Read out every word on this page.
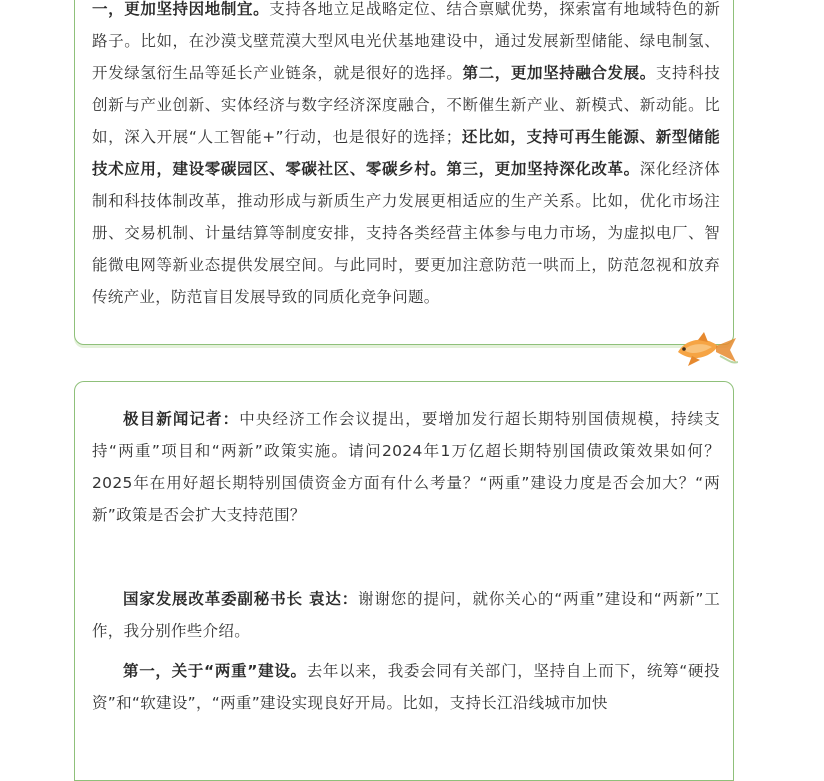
一，更加坚持因地制宜。支持各地立足战略定位、结合禀赋优势，探索富有地域特色的新路子。比如，在沙漠戈壁荒漠大型风电光伏基地建设中，通过发展新型储能、绿电制氢、开发绿氢衍生品等延长产业链条，就是很好的选择。第二，更加坚持融合发展。支持科技创新与产业创新、实体经济与数字经济深度融合，不断催生新产业、新模式、新动能。比如，深入开展“人工智能+”行动，也是很好的选择；还比如，支持可再生能源、新型储能技术应用，建设零碳园区、零碳社区、零碳乡村。第三，更加坚持深化改革。深化经济体制和科技体制改革，推动形成与新质生产力发展更相适应的生产关系。比如，优化市场注册、交易机制、计量结算等制度安排，支持各类经营主体参与电力市场，为虚拟电厂、智能微电网等新业态提供发展空间。与此同时，要更加注意防范一哄而上，防范忽视和放弃传统产业，防范盲目发展导致的同质化竞争问题。

极目新闻记者：中央经济工作会议提出，要增加发行超长期特别国债规模，持续支持“两重”项目和“两新”政策实施。请问2024年1万亿超长期特别国债政策效果如何？2025年在用好超长期特别国债资金方面有什么考量？“两重”建设力度是否会加大？“两新”政策是否会扩大支持范围？

国家发展改革委副秘书长 袁达：谢谢您的提问，就你关心的“两重”建设和“两新”工作，我分别作些介绍。

第一，关于“两重”建设。去年以来，我委会同有关部门，坚持自上而下，统筹“硬投资”和“软建设”，“两重”建设实现良好开局。比如，支持长江沿线城市加快
